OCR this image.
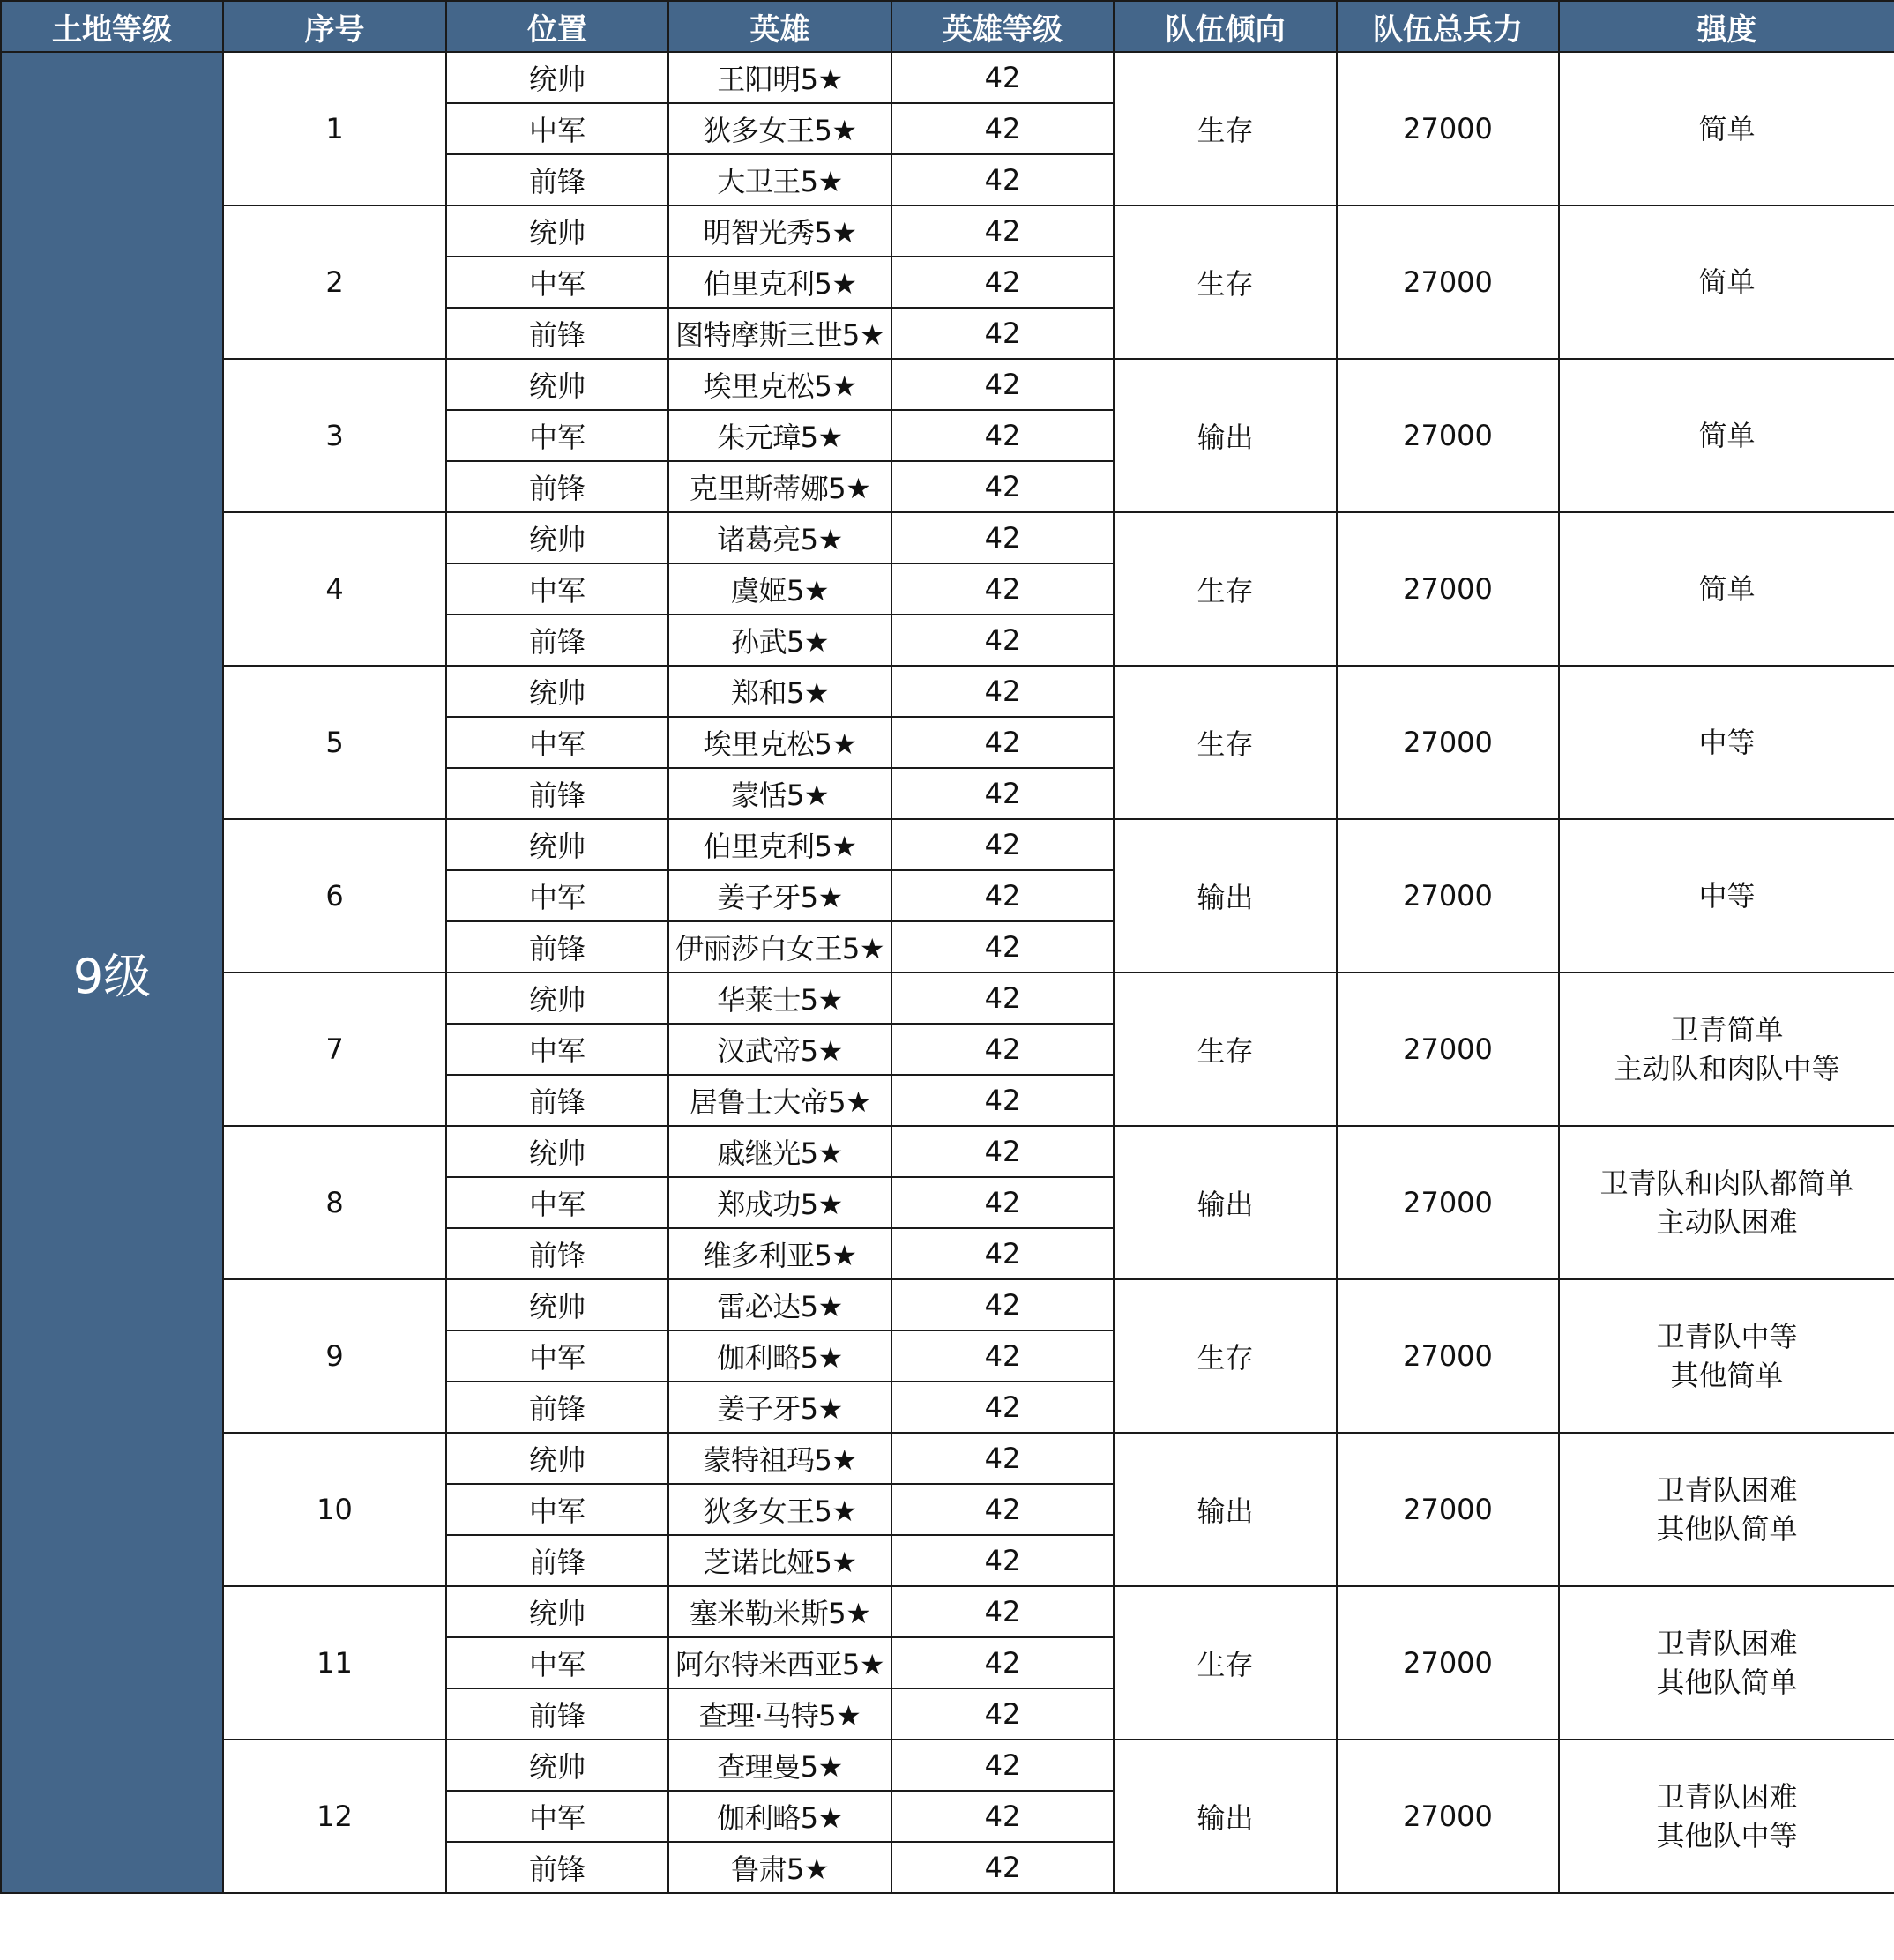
土地等级	序号	位置	英雄	英雄等级	队伍倾向	队伍总兵力	强度
9级	1	统帅	王阳明5★	42	生存	27000	简单

		中军	狄多女王5★	42			
		前锋	大卫王5★	42			
	2	统帅	明智光秀5★	42	生存	27000	简单

		中军	伯里克利5★	42			
		前锋	图特摩斯三世5★	42			
	3	统帅	埃里克松5★	42	输出	27000	简单

		中军	朱元璋5★	42			
		前锋	克里斯蒂娜5★	42			
	4	统帅	诸葛亮5★	42	生存	27000	简单

		中军	虞姬5★	42			
		前锋	孙武5★	42			
	5	统帅	郑和5★	42	生存	27000	中等

		中军	埃里克松5★	42			
		前锋	蒙恬5★	42			
	6	统帅	伯里克利5★	42	输出	27000	中等

		中军	姜子牙5★	42			
		前锋	伊丽莎白女王5★	42			
	7	统帅	华莱士5★	42	生存	27000	卫青简单
主动队和肉队中等

		中军	汉武帝5★	42			
		前锋	居鲁士大帝5★	42			
	8	统帅	戚继光5★	42	输出	27000	卫青队和肉队都简单
主动队困难

		中军	郑成功5★	42			
		前锋	维多利亚5★	42			
	9	统帅	雷必达5★	42	生存	27000	卫青队中等
其他简单

		中军	伽利略5★	42			
		前锋	姜子牙5★	42			
	10	统帅	蒙特祖玛5★	42	输出	27000	卫青队困难
其他队简单

		中军	狄多女王5★	42			
		前锋	芝诺比娅5★	42			
	11	统帅	塞米勒米斯5★	42	生存	27000	卫青队困难
其他队简单

		中军	阿尔特米西亚5★	42			
		前锋	查理·马特5★	42			
	12	统帅	查理曼5★	42	输出	27000	卫青队困难
其他队中等

		中军	伽利略5★	42			
		前锋	鲁肃5★	42			
